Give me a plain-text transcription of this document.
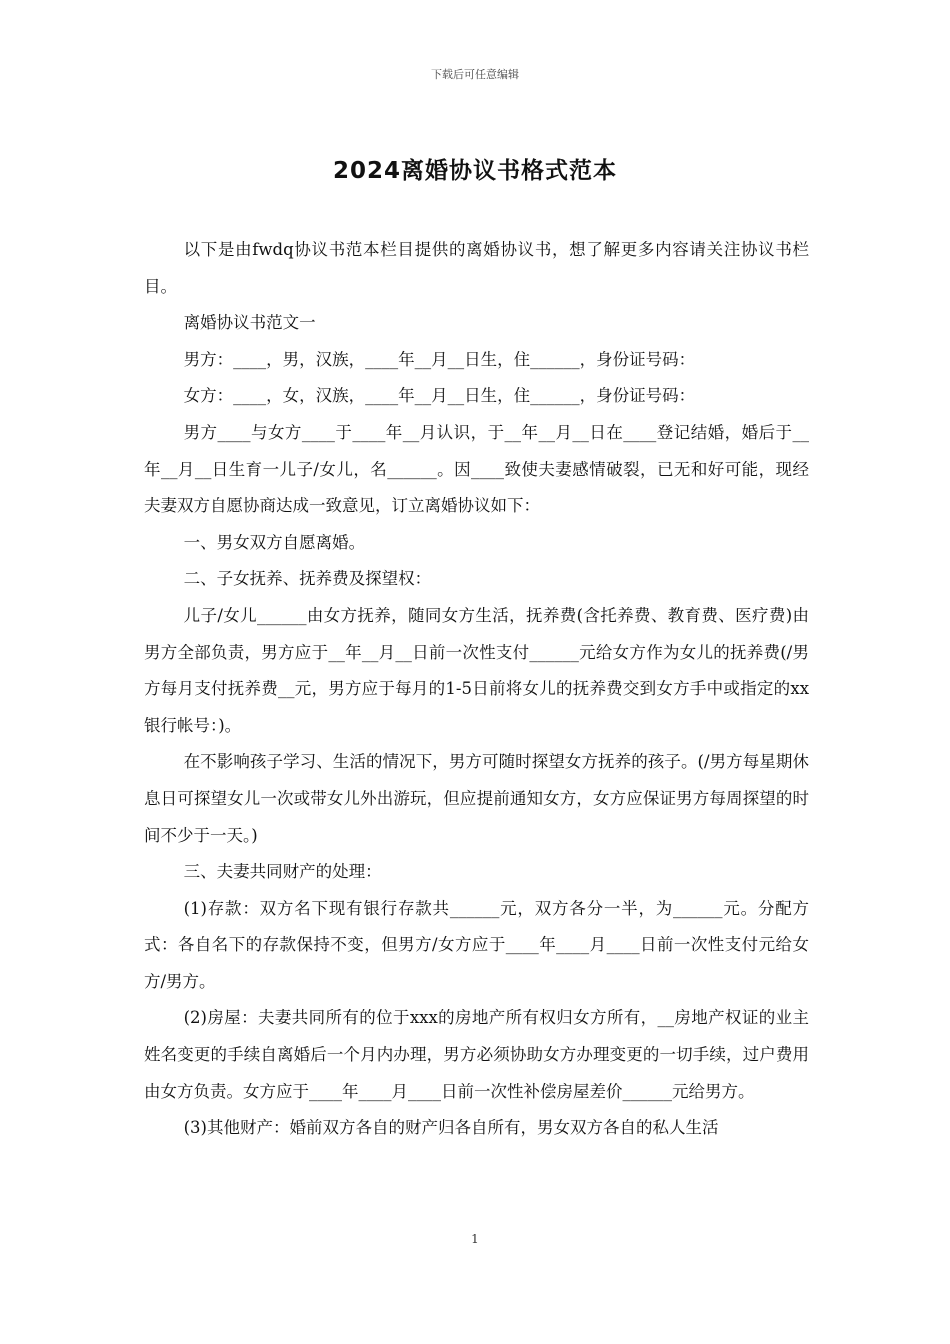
下载后可任意编辑
2024离婚协议书格式范本

以下是由fwdq协议书范本栏目提供的离婚协议书，想了解更多内容请关注协议书栏目。

离婚协议书范文一

男方：____，男，汉族，____年__月__日生，住______，身份证号码：

女方：____，女，汉族，____年__月__日生，住______，身份证号码：

男方____与女方____于____年__月认识，于__年__月__日在____登记结婚，婚后于__年__月__日生育一儿子/女儿，名______。因____致使夫妻感情破裂，已无和好可能，现经夫妻双方自愿协商达成一致意见，订立离婚协议如下：

一、男女双方自愿离婚。

二、子女抚养、抚养费及探望权：

儿子/女儿______由女方抚养，随同女方生活，抚养费(含托养费、教育费、医疗费)由男方全部负责，男方应于__年__月__日前一次性支付______元给女方作为女儿的抚养费(/男方每月支付抚养费__元，男方应于每月的1-5日前将女儿的抚养费交到女方手中或指定的xx银行帐号：)。

在不影响孩子学习、生活的情况下，男方可随时探望女方抚养的孩子。(/男方每星期休息日可探望女儿一次或带女儿外出游玩，但应提前通知女方，女方应保证男方每周探望的时间不少于一天。)

三、夫妻共同财产的处理：

(1)存款：双方名下现有银行存款共______元，双方各分一半，为______元。分配方式：各自名下的存款保持不变，但男方/女方应于____年____月____日前一次性支付元给女方/男方。

(2)房屋：夫妻共同所有的位于xxx的房地产所有权归女方所有，__房地产权证的业主姓名变更的手续自离婚后一个月内办理，男方必须协助女方办理变更的一切手续，过户费用由女方负责。女方应于____年____月____日前一次性补偿房屋差价______元给男方。

(3)其他财产：婚前双方各自的财产归各自所有，男女双方各自的私人生活

1
